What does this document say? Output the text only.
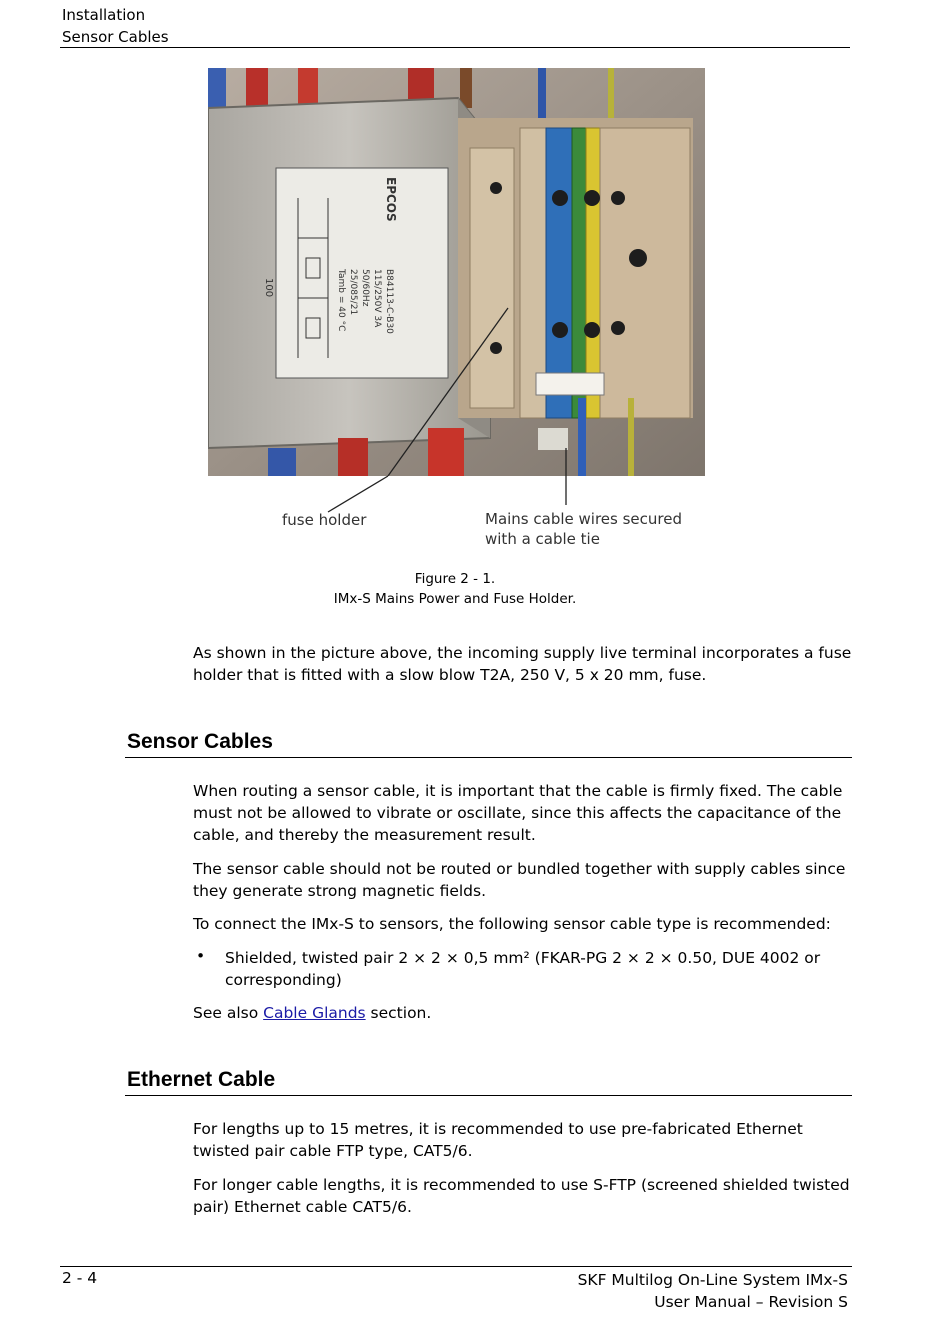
Installation
Sensor Cables
EPCOS
B84113-C-B30
115/250V 3A
50/60Hz
25/085/21
Tamb = 40 °C
100
fuse holder	Mains cable wires secured
with a cable tie
Figure 2 - 1.
IMx-S Mains Power and Fuse Holder.

As shown in the picture above, the incoming supply live terminal incorporates a fuse holder that is fitted with a slow blow T2A, 250 V, 5 x 20 mm, fuse.

Sensor Cables

When routing a sensor cable, it is important that the cable is firmly fixed. The cable must not be allowed to vibrate or oscillate, since this affects the capacitance of the cable, and thereby the measurement result.

The sensor cable should not be routed or bundled together with supply cables since they generate strong magnetic fields.

To connect the IMx-S to sensors, the following sensor cable type is recommended:

• Shielded, twisted pair 2 × 2 × 0,5 mm² (FKAR-PG 2 × 2 × 0.50, DUE 4002 or corresponding)

See also Cable Glands section.

Ethernet Cable

For lengths up to 15 metres, it is recommended to use pre-fabricated Ethernet twisted pair cable FTP type, CAT5/6.

For longer cable lengths, it is recommended to use S-FTP (screened shielded twisted pair) Ethernet cable CAT5/6.

2 - 4	SKF Multilog On-Line System IMx-S
User Manual – Revision S
